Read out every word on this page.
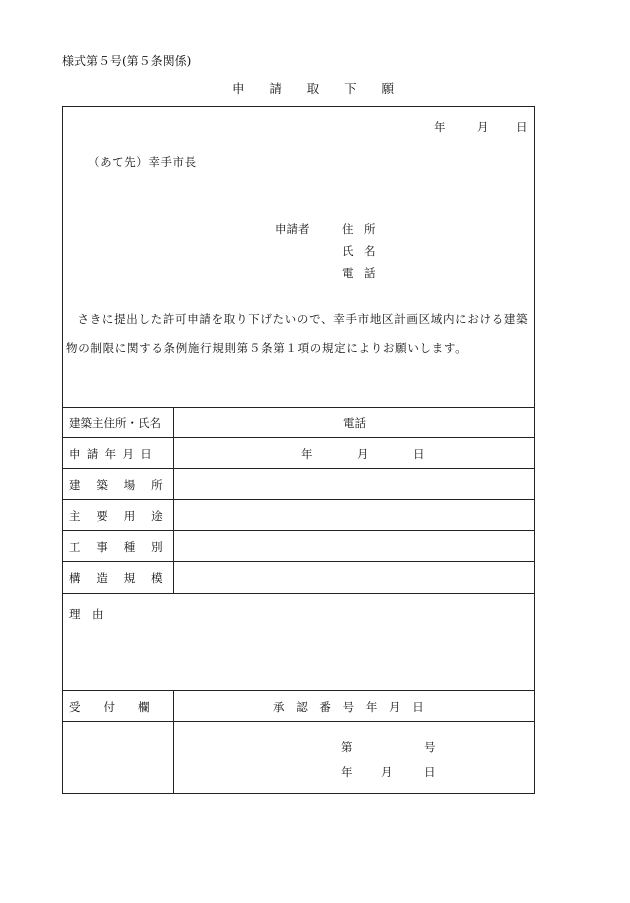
様式第５号(第５条関係)
申 請 取 下 願
年	月 日
（あて先）幸手市長
申請者	住 所
氏 名
電 話
さきに提出した許可申請を取り下げたいので、幸手市地区計画区域内における建築物の制限に関する条例施行規則第５条第１項の規定によりお願いします。
建築主住所・氏名	電話
申請年月日	年	月	日
建築場所
主要用途
工事種別
構造規模
理　由
受　付　欄	承 認 番 号 年 月 日
第	号
年 月	日
